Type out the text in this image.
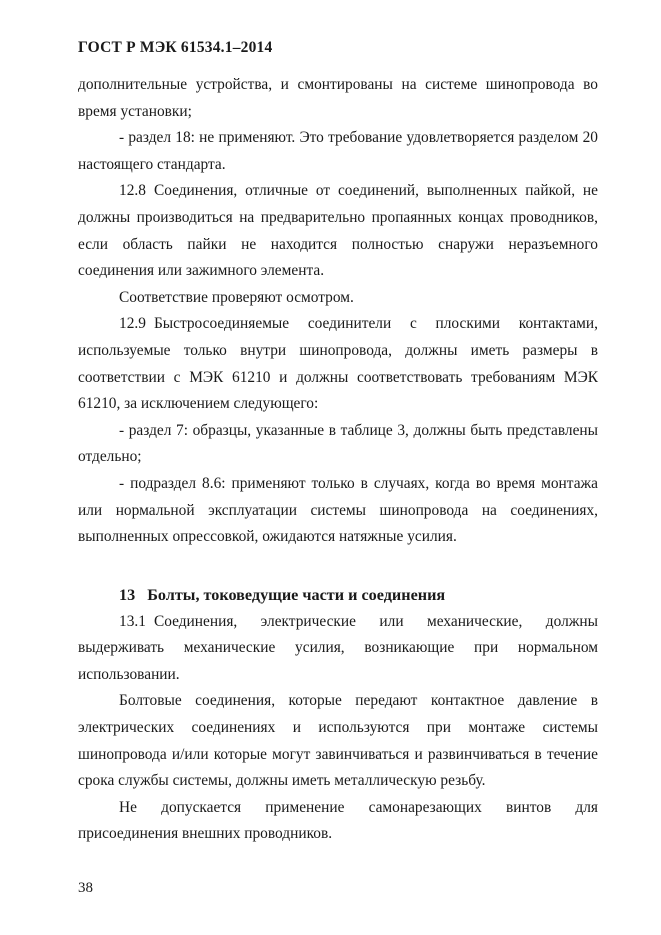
ГОСТ Р МЭК 61534.1–2014

дополнительные устройства, и смонтированы на системе шинопровода во время установки;

- раздел 18: не применяют. Это требование удовлетворяется разделом 20 настоящего стандарта.

12.8 Соединения, отличные от соединений, выполненных пайкой, не должны производиться на предварительно пропаянных концах проводников, если область пайки не находится полностью снаружи неразъемного соединения или зажимного элемента.

Соответствие проверяют осмотром.

12.9 Быстросоединяемые соединители с плоскими контактами, используемые только внутри шинопровода, должны иметь размеры в соответствии с МЭК 61210 и должны соответствовать требованиям МЭК 61210, за исключением следующего:

- раздел 7: образцы, указанные в таблице 3, должны быть представлены отдельно;

- подраздел 8.6: применяют только в случаях, когда во время монтажа или нормальной эксплуатации системы шинопровода на соединениях, выполненных опрессовкой, ожидаются натяжные усилия.

13 Болты, токоведущие части и соединения

13.1 Соединения, электрические или механические, должны выдерживать механические усилия, возникающие при нормальном использовании.

Болтовые соединения, которые передают контактное давление в электрических соединениях и используются при монтаже системы шинопровода и/или которые могут завинчиваться и развинчиваться в течение срока службы системы, должны иметь металлическую резьбу.

Не допускается применение самонарезающих винтов для присоединения внешних проводников.

38
